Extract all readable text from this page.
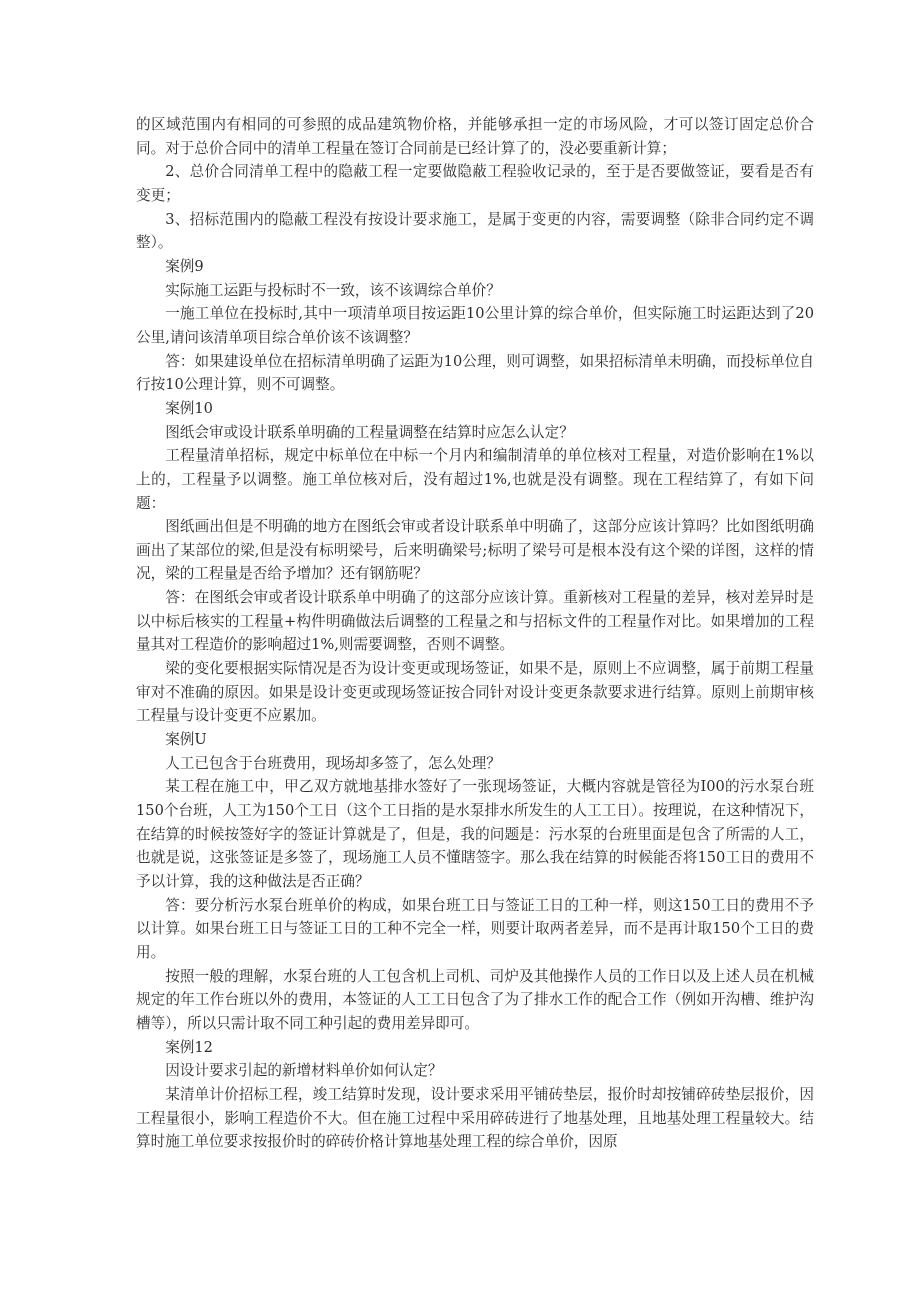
的区域范围内有相同的可参照的成品建筑物价格，并能够承担一定的市场风险，才可以签订固定总价合同。对于总价合同中的清单工程量在签订合同前是已经计算了的，没必要重新计算；

2、总价合同清单工程中的隐蔽工程一定要做隐蔽工程验收记录的，至于是否要做签证，要看是否有变更；

3、招标范围内的隐蔽工程没有按设计要求施工，是属于变更的内容，需要调整（除非合同约定不调整）。

案例9

实际施工运距与投标时不一致，该不该调综合单价？

一施工单位在投标时,其中一项清单项目按运距10公里计算的综合单价，但实际施工时运距达到了20公里,请问该清单项目综合单价该不该调整？

答：如果建设单位在招标清单明确了运距为10公理，则可调整，如果招标清单未明确，而投标单位自行按10公理计算，则不可调整。

案例10

图纸会审或设计联系单明确的工程量调整在结算时应怎么认定？

工程量清单招标，规定中标单位在中标一个月内和编制清单的单位核对工程量，对造价影响在1%以上的，工程量予以调整。施工单位核对后，没有超过1%,也就是没有调整。现在工程结算了，有如下问题：

图纸画出但是不明确的地方在图纸会审或者设计联系单中明确了，这部分应该计算吗？比如图纸明确画出了某部位的梁,但是没有标明梁号，后来明确梁号;标明了梁号可是根本没有这个梁的详图，这样的情况，梁的工程量是否给予增加？还有钢筋呢？

答：在图纸会审或者设计联系单中明确了的这部分应该计算。重新核对工程量的差异，核对差异时是以中标后核实的工程量+构件明确做法后调整的工程量之和与招标文件的工程量作对比。如果增加的工程量其对工程造价的影响超过1%,则需要调整，否则不调整。

梁的变化要根据实际情况是否为设计变更或现场签证，如果不是，原则上不应调整，属于前期工程量审对不准确的原因。如果是设计变更或现场签证按合同针对设计变更条款要求进行结算。原则上前期审核工程量与设计变更不应累加。

案例U

人工已包含于台班费用，现场却多签了，怎么处理？

某工程在施工中，甲乙双方就地基排水签好了一张现场签证，大概内容就是管径为I00的污水泵台班150个台班，人工为150个工日（这个工日指的是水泵排水所发生的人工工日）。按理说，在这种情况下，在结算的时候按签好字的签证计算就是了，但是，我的问题是：污水泵的台班里面是包含了所需的人工，也就是说，这张签证是多签了，现场施工人员不懂瞎签字。那么我在结算的时候能否将150工日的费用不予以计算，我的这种做法是否正确？

答：要分析污水泵台班单价的构成，如果台班工日与签证工日的工种一样，则这150工日的费用不予以计算。如果台班工日与签证工日的工种不完全一样，则要计取两者差异，而不是再计取150个工日的费用。

按照一般的理解，水泵台班的人工包含机上司机、司炉及其他操作人员的工作日以及上述人员在机械规定的年工作台班以外的费用，本签证的人工工日包含了为了排水工作的配合工作（例如开沟槽、维护沟槽等），所以只需计取不同工种引起的费用差异即可。

案例12

因设计要求引起的新增材料单价如何认定？

某清单计价招标工程，竣工结算时发现，设计要求采用平铺砖垫层，报价时却按铺碎砖垫层报价，因工程量很小，影响工程造价不大。但在施工过程中采用碎砖进行了地基处理，且地基处理工程量较大。结算时施工单位要求按报价时的碎砖价格计算地基处理工程的综合单价，因原
